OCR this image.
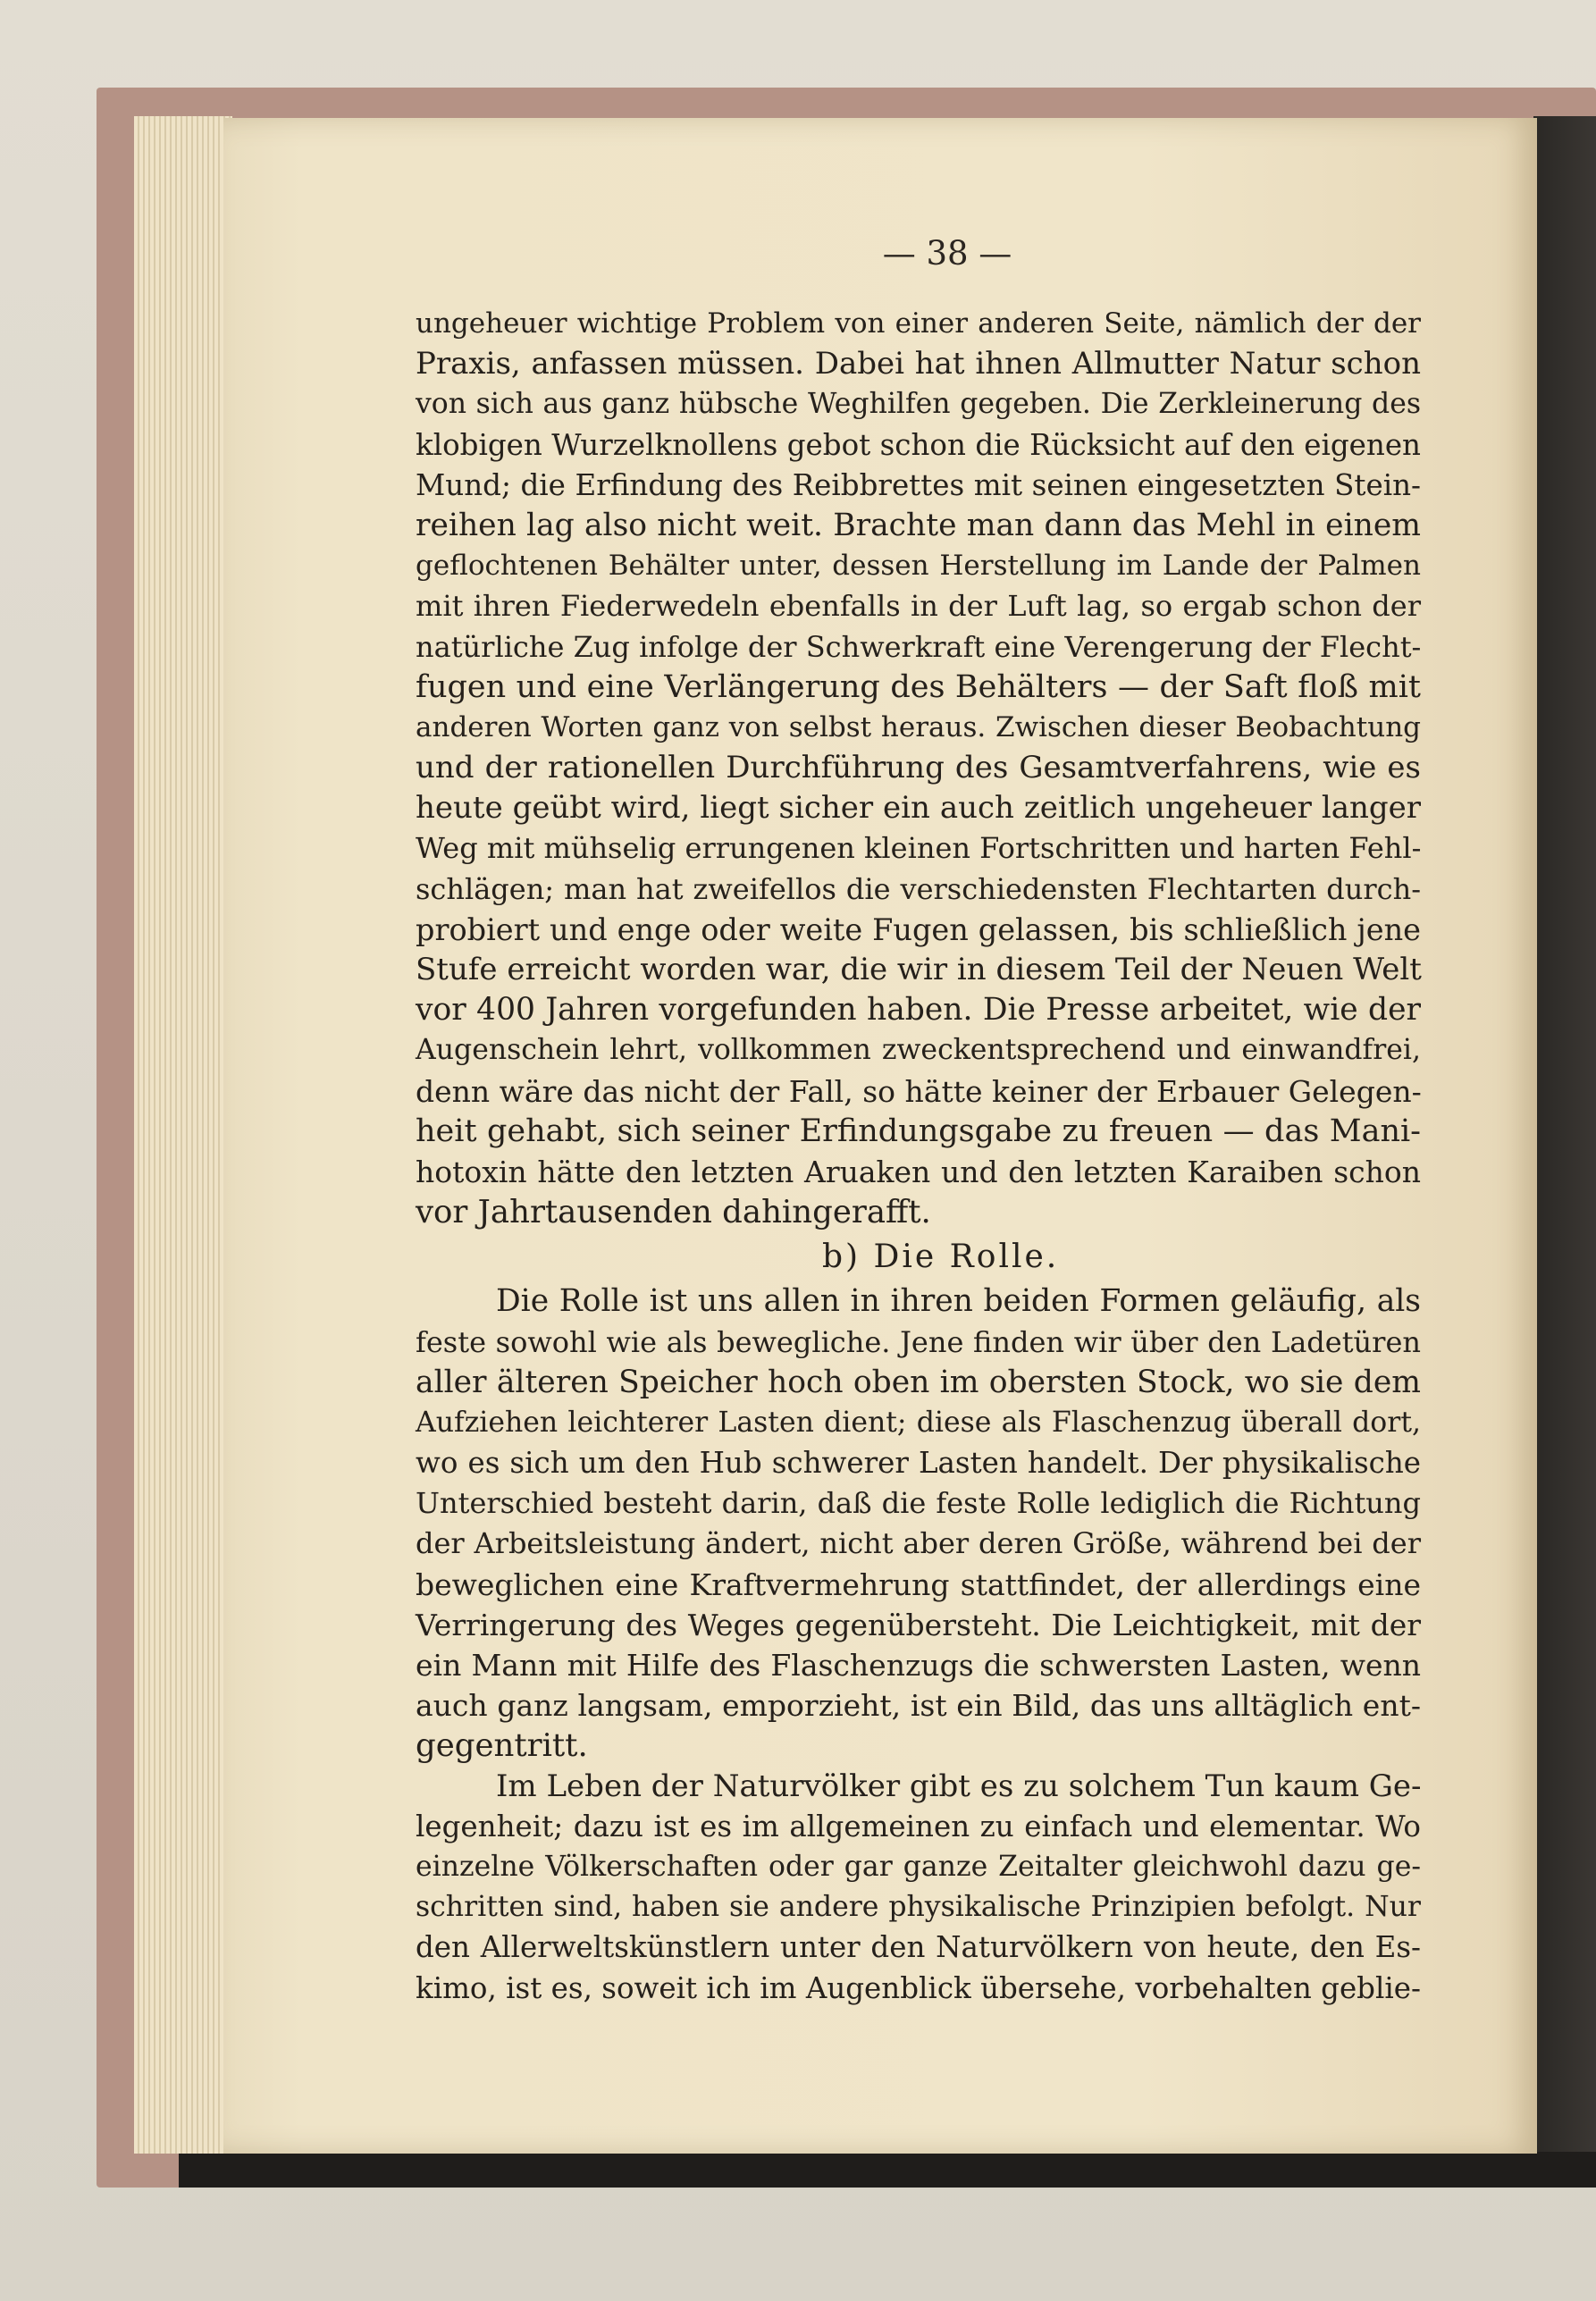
— 38 —
ungeheuer wichtige Problem von einer anderen Seite, nämlich der der
Praxis, anfassen müssen. Dabei hat ihnen Allmutter Natur schon
von sich aus ganz hübsche Weghilfen gegeben. Die Zerkleinerung des
klobigen Wurzelknollens gebot schon die Rücksicht auf den eigenen
Mund; die Erfindung des Reibbrettes mit seinen eingesetzten Stein-
reihen lag also nicht weit. Brachte man dann das Mehl in einem
geflochtenen Behälter unter, dessen Herstellung im Lande der Palmen
mit ihren Fiederwedeln ebenfalls in der Luft lag, so ergab schon der
natürliche Zug infolge der Schwerkraft eine Verengerung der Flecht-
fugen und eine Verlängerung des Behälters — der Saft floß mit
anderen Worten ganz von selbst heraus. Zwischen dieser Beobachtung
und der rationellen Durchführung des Gesamtverfahrens, wie es
heute geübt wird, liegt sicher ein auch zeitlich ungeheuer langer
Weg mit mühselig errungenen kleinen Fortschritten und harten Fehl-
schlägen; man hat zweifellos die verschiedensten Flechtarten durch-
probiert und enge oder weite Fugen gelassen, bis schließlich jene
Stufe erreicht worden war, die wir in diesem Teil der Neuen Welt
vor 400 Jahren vorgefunden haben. Die Presse arbeitet, wie der
Augenschein lehrt, vollkommen zweckentsprechend und einwandfrei,
denn wäre das nicht der Fall, so hätte keiner der Erbauer Gelegen-
heit gehabt, sich seiner Erfindungsgabe zu freuen — das Mani-
hotoxin hätte den letzten Aruaken und den letzten Karaiben schon
vor Jahrtausenden dahingerafft.
b) Die Rolle.
Die Rolle ist uns allen in ihren beiden Formen geläufig, als
feste sowohl wie als bewegliche. Jene finden wir über den Ladetüren
aller älteren Speicher hoch oben im obersten Stock, wo sie dem
Aufziehen leichterer Lasten dient; diese als Flaschenzug überall dort,
wo es sich um den Hub schwerer Lasten handelt. Der physikalische
Unterschied besteht darin, daß die feste Rolle lediglich die Richtung
der Arbeitsleistung ändert, nicht aber deren Größe, während bei der
beweglichen eine Kraftvermehrung stattfindet, der allerdings eine
Verringerung des Weges gegenübersteht. Die Leichtigkeit, mit der
ein Mann mit Hilfe des Flaschenzugs die schwersten Lasten, wenn
auch ganz langsam, emporzieht, ist ein Bild, das uns alltäglich ent-
gegentritt.
Im Leben der Naturvölker gibt es zu solchem Tun kaum Ge-
legenheit; dazu ist es im allgemeinen zu einfach und elementar. Wo
einzelne Völkerschaften oder gar ganze Zeitalter gleichwohl dazu ge-
schritten sind, haben sie andere physikalische Prinzipien befolgt. Nur
den Allerweltskünstlern unter den Naturvölkern von heute, den Es-
kimo, ist es, soweit ich im Augenblick übersehe, vorbehalten geblie-
